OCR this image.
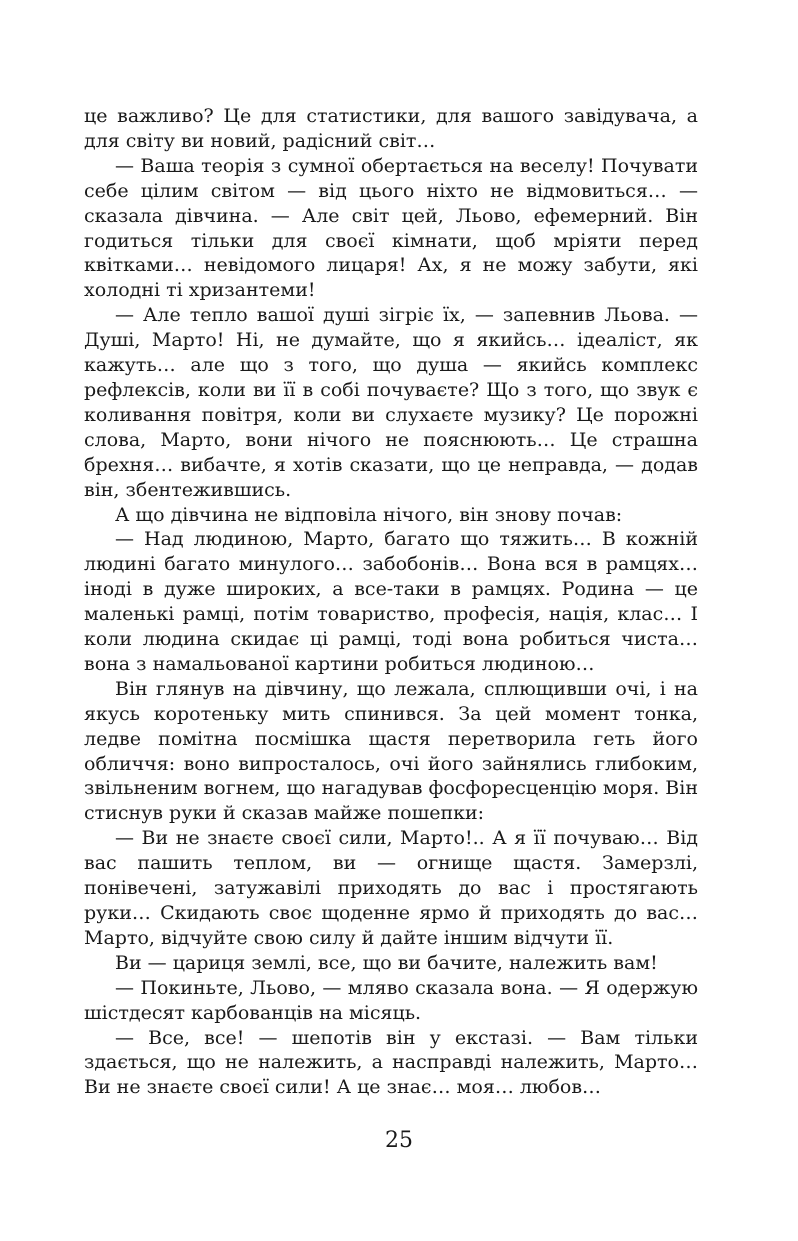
це важливо? Це для статистики, для вашого завідувача, а для світу ви новий, радісний світ…

— Ваша теорія з сумної обертається на веселу! Почувати себе цілим світом — від цього ніхто не відмовиться… — сказала дівчина. — Але світ цей, Льово, ефемерний. Він годиться тільки для своєї кімнати, щоб мріяти перед квітками… невідомого лицаря! Ах, я не можу забути, які холодні ті хризантеми!

— Але тепло вашої душі зігріє їх, — запевнив Льова. — Душі, Марто! Ні, не думайте, що я якийсь… ідеаліст, як кажуть… але що з того, що душа — якийсь комплекс рефлексів, коли ви її в собі почуваєте? Що з того, що звук є коливання повітря, коли ви слухаєте музику? Це порожні слова, Марто, вони нічого не пояснюють… Це страшна брехня… вибачте, я хотів сказати, що це неправда, — додав він, збентежившись.

А що дівчина не відповіла нічого, він знову почав:

— Над людиною, Марто, багато що тяжить… В кожній людині багато минулого… забобонів… Вона вся в рамцях… іноді в дуже широких, а все-таки в рамцях. Родина — це маленькі рамці, потім товариство, професія, нація, клас… І коли людина скидає ці рамці, тоді вона робиться чиста… вона з намальованої картини робиться людиною…

Він глянув на дівчину, що лежала, сплющивши очі, і на якусь коротеньку мить спинився. За цей момент тонка, ледве помітна посмішка щастя перетворила геть його обличчя: воно випросталось, очі його зайнялись глибоким, звільненим вогнем, що нагадував фосфоресценцію моря. Він стиснув руки й сказав майже пошепки:

— Ви не знаєте своєї сили, Марто!.. А я її почуваю… Від вас пашить теплом, ви — огнище щастя. Замерзлі, понівечені, затужавілі приходять до вас і простягають руки… Скидають своє щоденне ярмо й приходять до вас… Марто, відчуйте свою силу й дайте іншим відчути її.

Ви — цариця землі, все, що ви бачите, належить вам!

— Покиньте, Льово, — мляво сказала вона. — Я одержую шістдесят карбованців на місяць.

— Все, все! — шепотів він у екстазі. — Вам тільки здається, що не належить, а насправді належить, Марто… Ви не знаєте своєї сили! А це знає… моя… любов…

25
